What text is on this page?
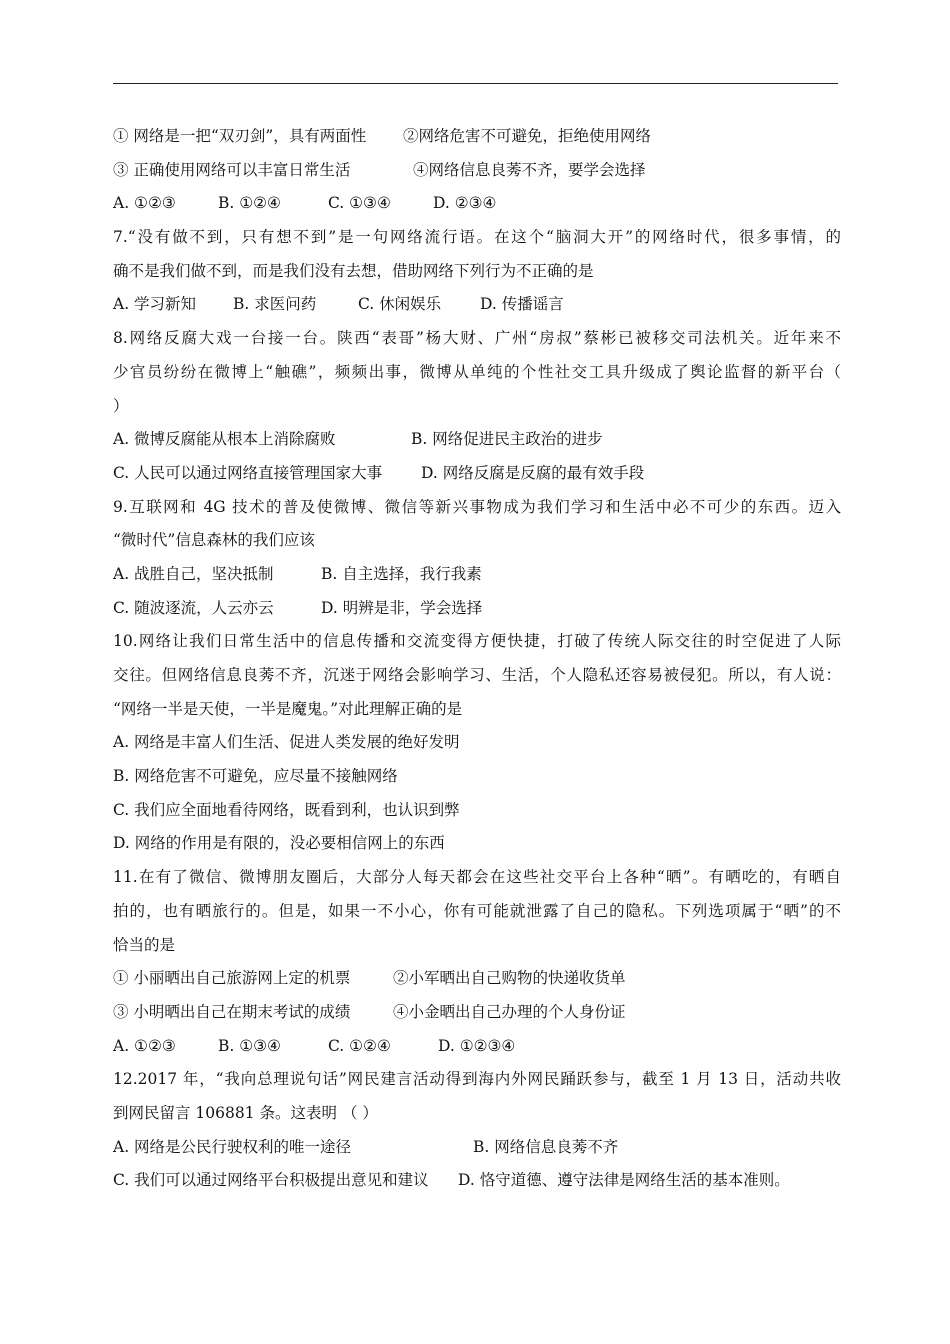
① 网络是一把“双刃剑”，具有两面性 ②网络危害不可避免，拒绝使用网络
③ 正确使用网络可以丰富日常生活	④网络信息良莠不齐，要学会选择
A. ①②③	B. ①②④	C. ①③④	D. ②③④
7.“没有做不到，只有想不到”是一句网络流行语。在这个“脑洞大开”的网络时代，很多事情，的
确不是我们做不到，而是我们没有去想，借助网络下列行为不正确的是
A. 学习新知 B. 求医问药	C. 休闲娱乐	D. 传播谣言
8.网络反腐大戏一台接一台。陕西“表哥”杨大财、广州“房叔”蔡彬已被移交司法机关。近年来不
少官员纷纷在微博上“触礁”，频频出事，微博从单纯的个性社交工具升级成了舆论监督的新平台（
）
A. 微博反腐能从根本上消除腐败	B. 网络促进民主政治的进步
C. 人民可以通过网络直接管理国家大事	D. 网络反腐是反腐的最有效手段
9.互联网和 4G 技术的普及使微博、微信等新兴事物成为我们学习和生活中必不可少的东西。迈入
“微时代”信息森林的我们应该
A. 战胜自己，坚决抵制	B. 自主选择，我行我素
C. 随波逐流，人云亦云	D. 明辨是非，学会选择
10.网络让我们日常生活中的信息传播和交流变得方便快捷，打破了传统人际交往的时空促进了人际
交往。但网络信息良莠不齐，沉迷于网络会影响学习、生活，个人隐私还容易被侵犯。所以，有人说：
“网络一半是天使，一半是魔鬼。”对此理解正确的是
A. 网络是丰富人们生活、促进人类发展的绝好发明
B. 网络危害不可避免，应尽量不接触网络
C. 我们应全面地看待网络，既看到利，也认识到弊
D. 网络的作用是有限的，没必要相信网上的东西
11.在有了微信、微博朋友圈后，大部分人每天都会在这些社交平台上各种“晒”。有晒吃的，有晒自
拍的，也有晒旅行的。但是，如果一不小心，你有可能就泄露了自己的隐私。下列选项属于“晒”的不
恰当的是
① 小丽晒出自己旅游网上定的机票	②小军晒出自己购物的快递收货单
③ 小明晒出自己在期末考试的成绩	④小金晒出自己办理的个人身份证
A. ①②③	B. ①③④	C. ①②④	D. ①②③④
12.2017 年，“我向总理说句话”网民建言活动得到海内外网民踊跃参与，截至 1 月 13 日，活动共收
到网民留言 106881 条。这表明 （ ）
A. 网络是公民行驶权利的唯一途径	B. 网络信息良莠不齐
C. 我们可以通过网络平台积极提出意见和建议 D. 恪守道德、遵守法律是网络生活的基本准则。
